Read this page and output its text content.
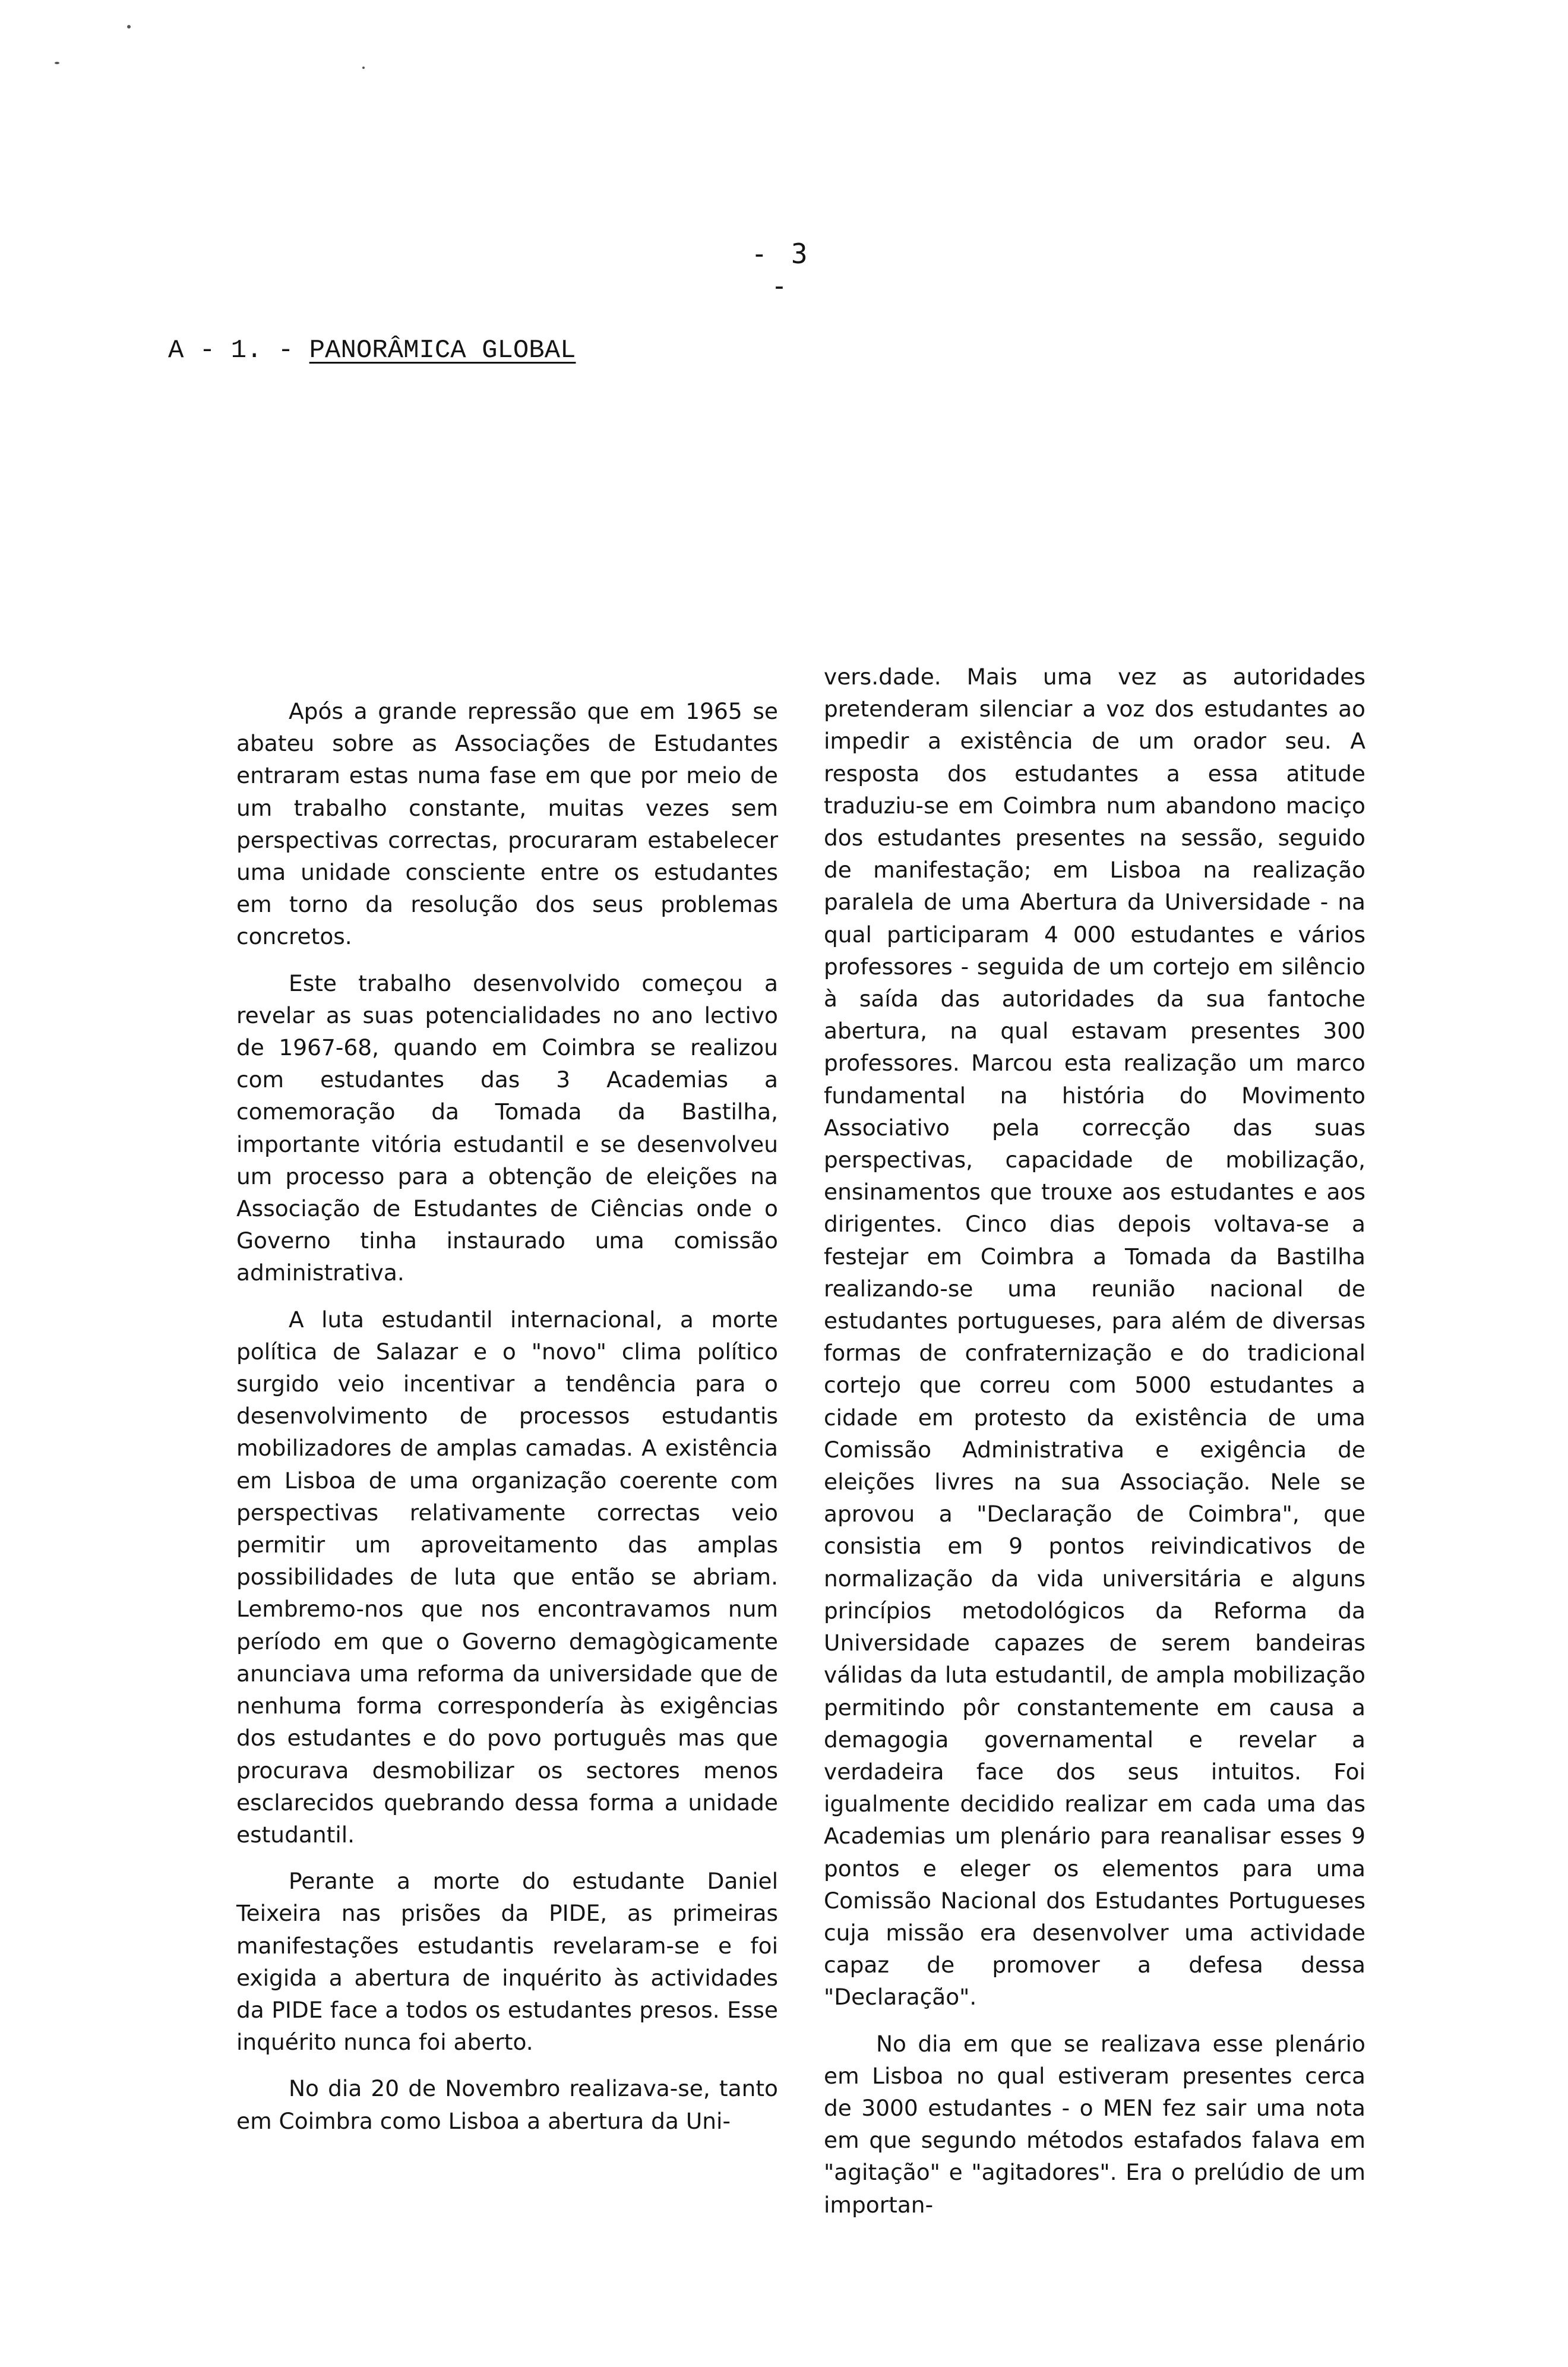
- 3 -
A - 1. - PANORÂMICA GLOBAL

Após a grande repressão que em 1965 se abateu sobre as Associações de Estudantes entraram estas numa fase em que por meio de um trabalho constante, muitas vezes sem perspectivas correctas, procuraram estabelecer uma unidade consciente entre os estudantes em torno da resolução dos seus problemas concretos.

Este trabalho desenvolvido começou a revelar as suas potencialidades no ano lectivo de 1967-68, quando em Coimbra se realizou com estudantes das 3 Academias a comemoração da Tomada da Bastilha, importante vitória estudantil e se desenvolveu um processo para a obtenção de eleições na Associação de Estudantes de Ciências onde o Governo tinha instaurado uma comissão administrativa.

A luta estudantil internacional, a morte política de Salazar e o "novo" clima político surgido veio incentivar a tendência para o desenvolvimento de processos estudantis mobilizadores de amplas camadas. A existência em Lisboa de uma organização coerente com perspectivas relativamente correctas veio permitir um aproveitamento das amplas possibilidades de luta que então se abriam. Lembremo-nos que nos encontravamos num período em que o Governo demagògicamente anunciava uma reforma da universidade que de nenhuma forma correspondería às exigências dos estudantes e do povo português mas que procurava desmobilizar os sectores menos esclarecidos quebrando dessa forma a unidade estudantil.

Perante a morte do estudante Daniel Teixeira nas prisões da PIDE, as primeiras manifestações estudantis revelaram-se e foi exigida a abertura de inquérito às actividades da PIDE face a todos os estudantes presos. Esse inquérito nunca foi aberto.

No dia 20 de Novembro realizava-se, tanto em Coimbra como Lisboa a abertura da Uni-

vers.dade. Mais uma vez as autoridades pretenderam silenciar a voz dos estudantes ao impedir a existência de um orador seu. A resposta dos estudantes a essa atitude traduziu-se em Coimbra num abandono maciço dos estudantes presentes na sessão, seguido de manifestação; em Lisboa na realização paralela de uma Abertura da Universidade - na qual participaram 4 000 estudantes e vários professores - seguida de um cortejo em silêncio à saída das autoridades da sua fantoche abertura, na qual estavam presentes 300 professores. Marcou esta realização um marco fundamental na história do Movimento Associativo pela correcção das suas perspectivas, capacidade de mobilização, ensinamentos que trouxe aos estudantes e aos dirigentes. Cinco dias depois voltava-se a festejar em Coimbra a Tomada da Bastilha realizando-se uma reunião nacional de estudantes portugueses, para além de diversas formas de confraternização e do tradicional cortejo que correu com 5000 estudantes a cidade em protesto da existência de uma Comissão Administrativa e exigência de eleições livres na sua Associação. Nele se aprovou a "Declaração de Coimbra", que consistia em 9 pontos reivindicativos de normalização da vida universitária e alguns princípios metodológicos da Reforma da Universidade capazes de serem bandeiras válidas da luta estudantil, de ampla mobilização permitindo pôr constantemente em causa a demagogia governamental e revelar a verdadeira face dos seus intuitos. Foi igualmente decidido realizar em cada uma das Academias um plenário para reanalisar esses 9 pontos e eleger os elementos para uma Comissão Nacional dos Estudantes Portugueses cuja missão era desenvolver uma actividade capaz de promover a defesa dessa "Declaração".

No dia em que se realizava esse plenário em Lisboa no qual estiveram presentes cerca de 3000 estudantes - o MEN fez sair uma nota em que segundo métodos estafados falava em "agitação" e "agitadores". Era o prelúdio de um importan-
